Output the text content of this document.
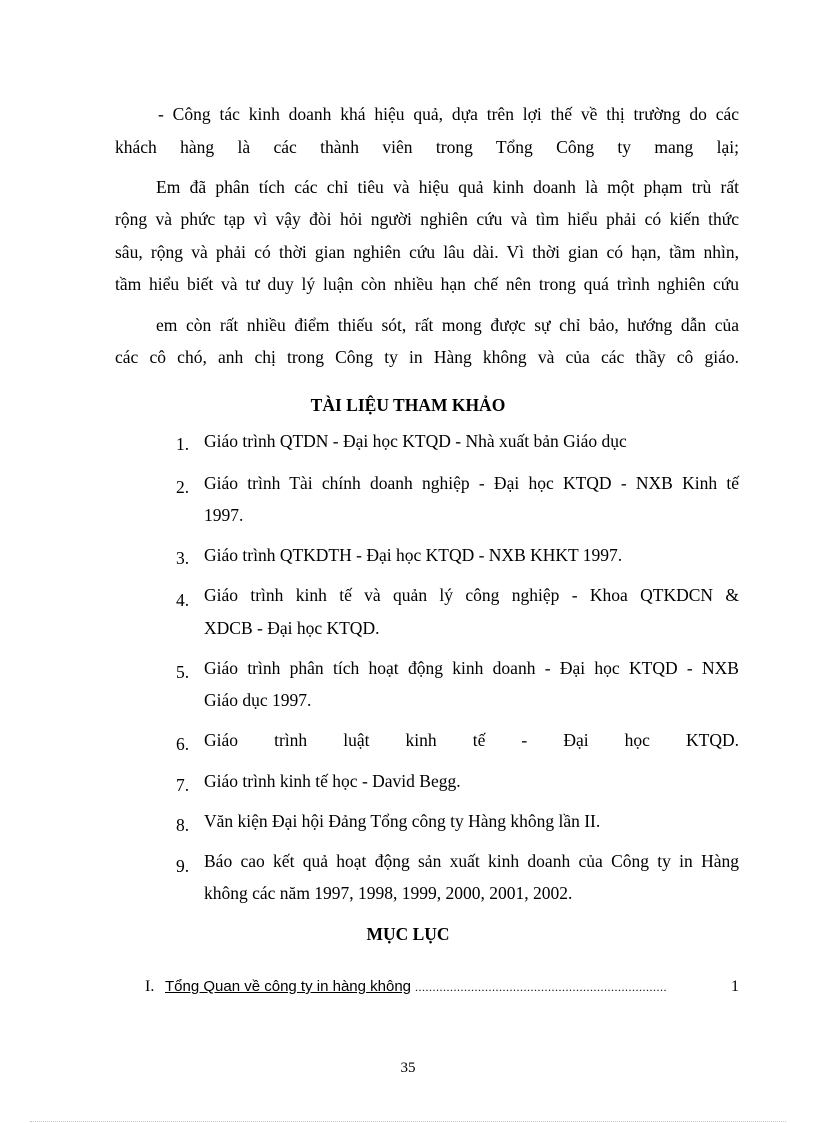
- Công tác kinh doanh khá hiệu quả, dựa trên lợi thế về thị trường do các
khách hàng là các thành viên trong Tổng Công ty mang lại;
Em đã phân tích các chỉ tiêu và hiệu quả kinh doanh là một phạm trù rất
rộng và phức tạp vì vậy đòi hỏi người nghiên cứu và tìm hiểu phải có kiến thức
sâu, rộng và phải có thời gian nghiên cứu lâu dài. Vì thời gian có hạn, tầm nhìn,
tầm hiểu biết và tư duy lý luận còn nhiều hạn chế nên trong quá trình nghiên cứu
em còn rất nhiều điểm thiếu sót, rất mong được sự chỉ bảo, hướng dẫn của
các cô chó, anh chị trong Công ty in Hàng không và của các thầy cô giáo.
TÀI LIỆU THAM KHẢO
1. Giáo trình QTDN - Đại học KTQD - Nhà xuất bản Giáo dục
2. Giáo trình Tài chính doanh nghiệp - Đại học KTQD - NXB Kinh tế
1997.
3. Giáo trình QTKDTH - Đại học KTQD - NXB KHKT 1997.
4. Giáo trình kinh tế và quản lý công nghiệp - Khoa QTKDCN &
XDCB - Đại học KTQD.
5. Giáo trình phân tích hoạt động kinh doanh - Đại học KTQD - NXB
Giáo dục 1997.
6. Giáo trình luật kinh tế - Đại học KTQD.
7. Giáo trình kinh tế học - David Begg.
8. Văn kiện Đại hội Đảng Tổng công ty Hàng không lần II.
9. Báo cao kết quả hoạt động sản xuất kinh doanh của Công ty in Hàng
không các năm 1997, 1998, 1999, 2000, 2001, 2002.
MỤC LỤC
I. Tổng Quan về công ty in hàng không ........................................................................	1
35
